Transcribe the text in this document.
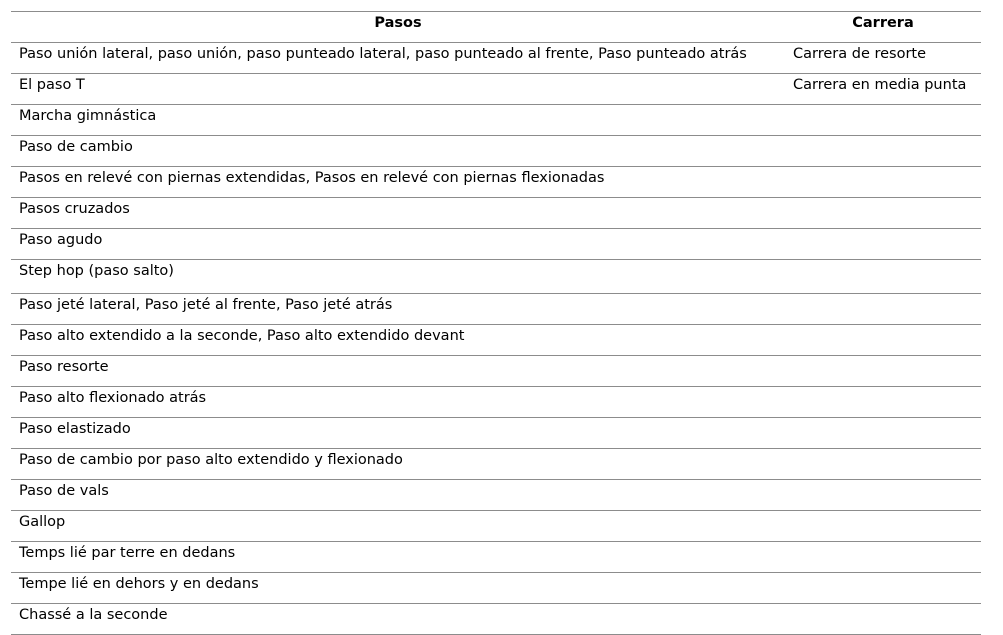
Pasos	Carrera
Paso unión lateral, paso unión, paso punteado lateral, paso punteado al frente, Paso punteado atrás	Carrera de resorte
El paso T	Carrera en media punta
Marcha gimnástica	
Paso de cambio	
Pasos en relevé con piernas extendidas, Pasos en relevé con piernas flexionadas	
Pasos cruzados	
Paso agudo	
Step hop (paso salto)	
Paso jeté lateral, Paso jeté al frente, Paso jeté atrás	
Paso alto extendido a la seconde, Paso alto extendido devant	
Paso resorte	
Paso alto flexionado atrás	
Paso elastizado	
Paso de cambio por paso alto extendido y flexionado	
Paso de vals	
Gallop	
Temps lié par terre en dedans	
Tempe lié en dehors y en dedans	
Chassé a la seconde	
